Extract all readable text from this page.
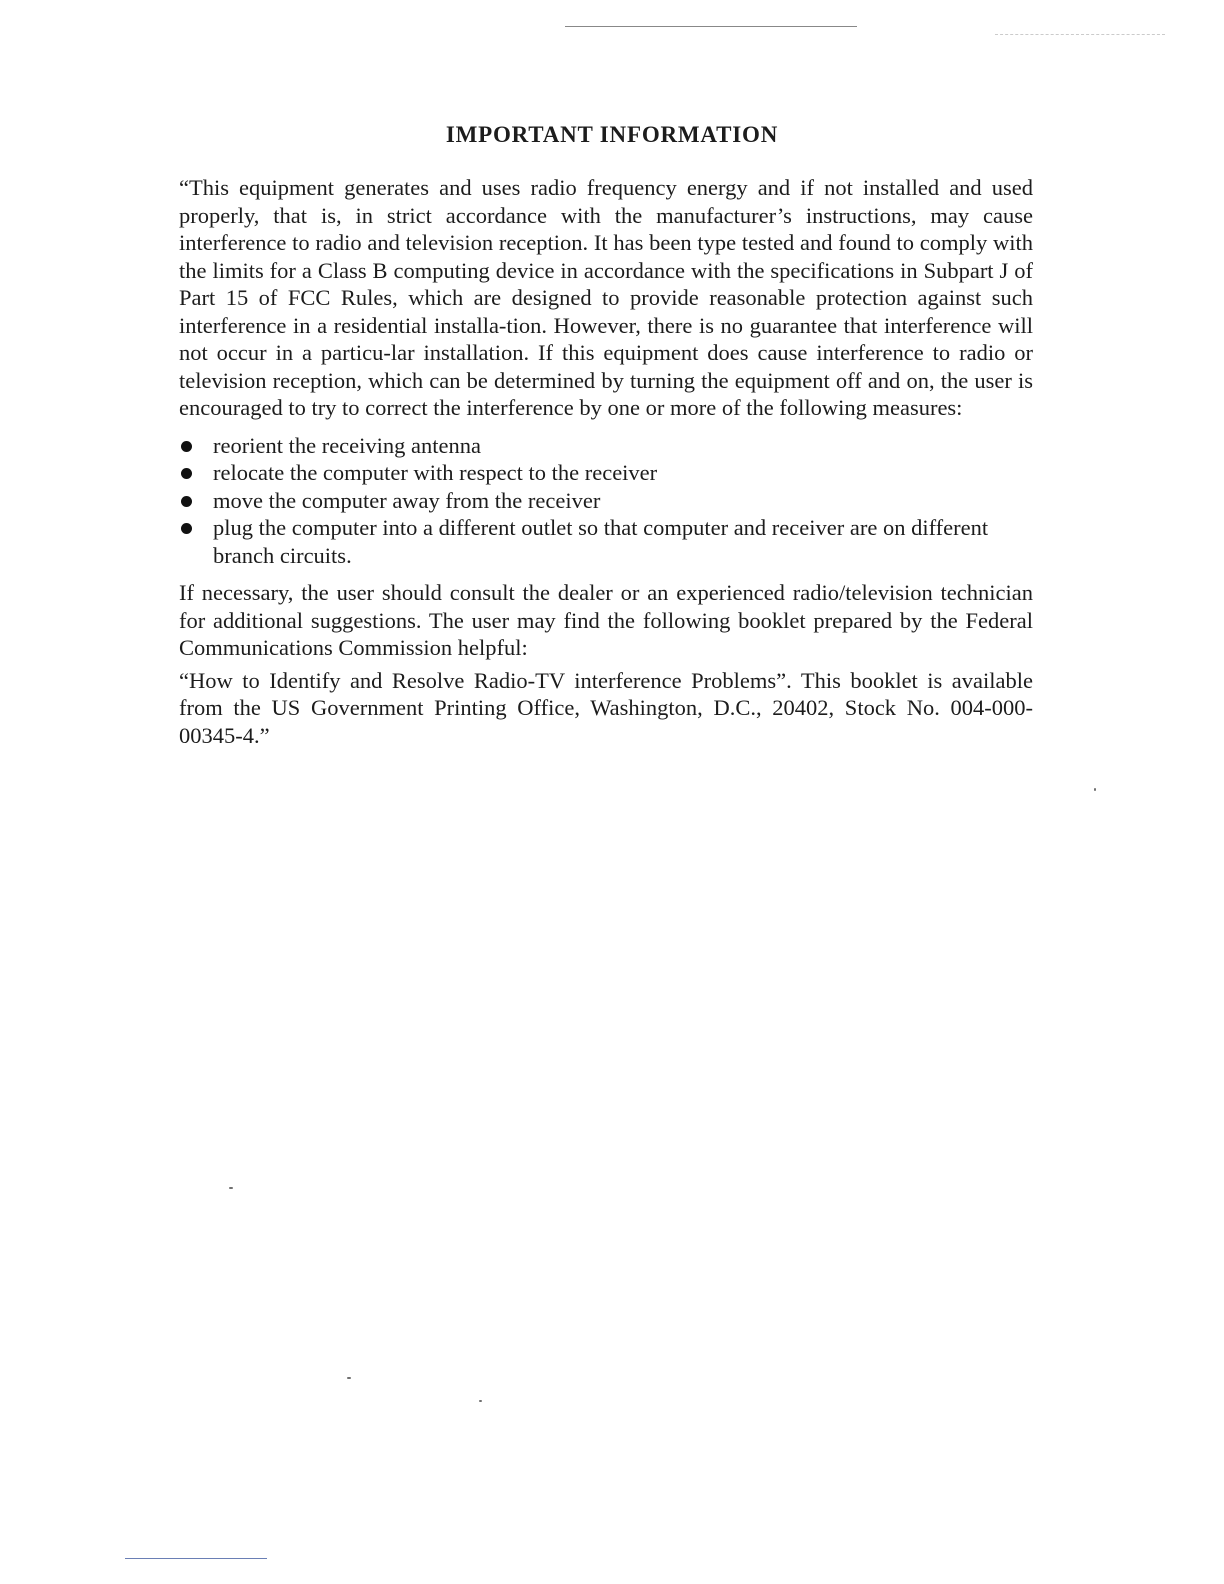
IMPORTANT INFORMATION

“This equipment generates and uses radio frequency energy and if not installed and used properly, that is, in strict accordance with the manufacturer’s instructions, may cause interference to radio and television reception. It has been type tested and found to comply with the limits for a Class B computing device in accordance with the specifications in Subpart J of Part 15 of FCC Rules, which are designed to provide reasonable protection against such interference in a residential installa-tion. However, there is no guarantee that interference will not occur in a particu-lar installation. If this equipment does cause interference to radio or television reception, which can be determined by turning the equipment off and on, the user is encouraged to try to correct the interference by one or more of the following measures:

reorient the receiving antenna
relocate the computer with respect to the receiver
move the computer away from the receiver
plug the computer into a different outlet so that computer and receiver are on different branch circuits.

If necessary, the user should consult the dealer or an experienced radio/television technician for additional suggestions. The user may find the following booklet prepared by the Federal Communications Commission helpful:

“How to Identify and Resolve Radio-TV interference Problems”. This booklet is available from the US Government Printing Office, Washington, D.C., 20402, Stock No. 004-000-00345-4.”
